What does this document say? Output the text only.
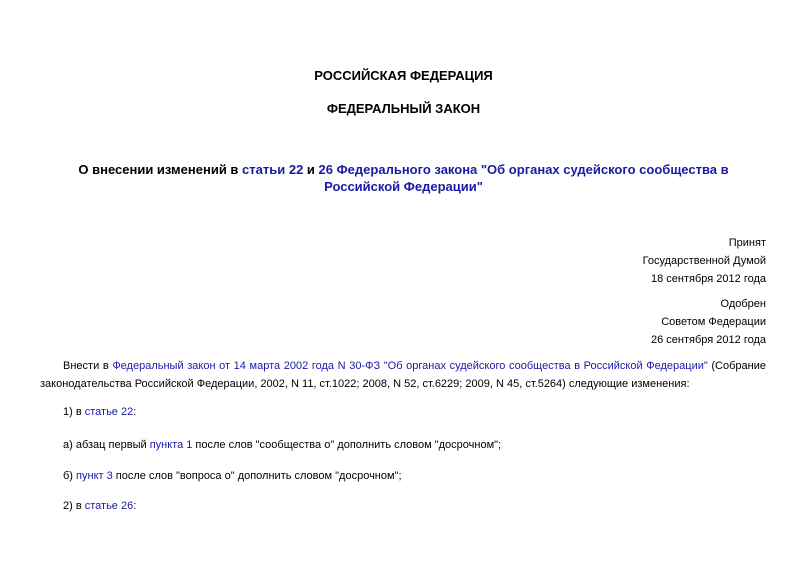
РОССИЙСКАЯ ФЕДЕРАЦИЯ
ФЕДЕРАЛЬНЫЙ ЗАКОН
О внесении изменений в статьи 22 и 26 Федерального закона "Об органах судейского сообщества в Российской Федерации"
Принят
Государственной Думой
18 сентября 2012 года
Одобрен
Советом Федерации
26 сентября 2012 года
Внести в Федеральный закон от 14 марта 2002 года N 30-ФЗ "Об органах судейского сообщества в Российской Федерации" (Собрание законодательства Российской Федерации, 2002, N 11, ст.1022; 2008, N 52, ст.6229; 2009, N 45, ст.5264) следующие изменения:
1) в статье 22:
а) абзац первый пункта 1 после слов "сообщества о" дополнить словом "досрочном";
б) пункт 3 после слов "вопроса о" дополнить словом "досрочном";
2) в статье 26:
